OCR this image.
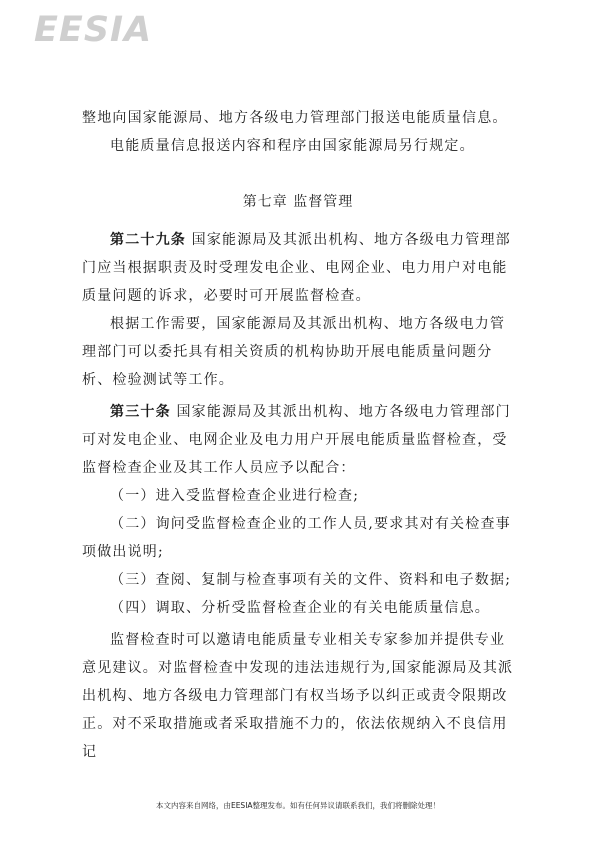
EESIA

整地向国家能源局、地方各级电力管理部门报送电能质量信息。

电能质量信息报送内容和程序由国家能源局另行规定。

第七章 监督管理

第二十九条 国家能源局及其派出机构、地方各级电力管理部门应当根据职责及时受理发电企业、电网企业、电力用户对电能质量问题的诉求，必要时可开展监督检查。

根据工作需要，国家能源局及其派出机构、地方各级电力管理部门可以委托具有相关资质的机构协助开展电能质量问题分析、检验测试等工作。

第三十条 国家能源局及其派出机构、地方各级电力管理部门可对发电企业、电网企业及电力用户开展电能质量监督检查，受监督检查企业及其工作人员应予以配合：

（一）进入受监督检查企业进行检查;

（二）询问受监督检查企业的工作人员,要求其对有关检查事项做出说明;

（三）查阅、复制与检查事项有关的文件、资料和电子数据;

（四）调取、分析受监督检查企业的有关电能质量信息。

监督检查时可以邀请电能质量专业相关专家参加并提供专业意见建议。对监督检查中发现的违法违规行为,国家能源局及其派出机构、地方各级电力管理部门有权当场予以纠正或责令限期改正。对不采取措施或者采取措施不力的，依法依规纳入不良信用记

本文内容来自网络，由EESIA整理发布。如有任何异议请联系我们，我们将删除处理！
